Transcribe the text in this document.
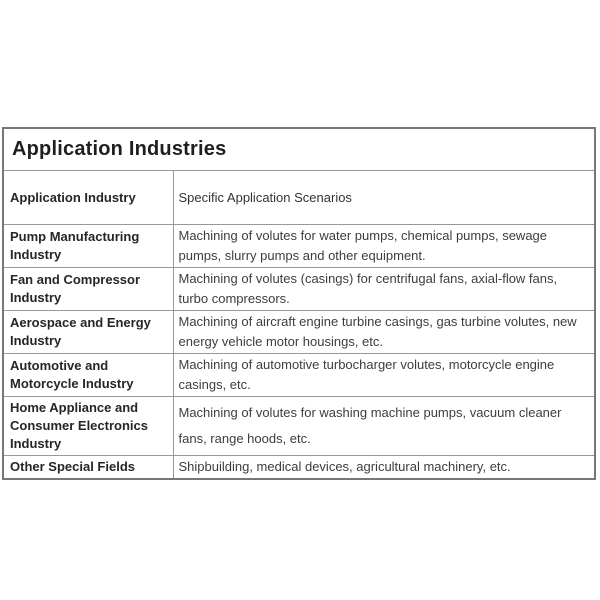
Application Industries	
Application Industry	Specific Application Scenarios
Pump Manufacturing Industry	Machining of volutes for water pumps, chemical pumps, sewage pumps, slurry pumps and other equipment.
Fan and Compressor Industry	Machining of volutes (casings) for centrifugal fans, axial-flow fans, turbo compressors.
Aerospace and Energy Industry	Machining of aircraft engine turbine casings, gas turbine volutes, new energy vehicle motor housings, etc.
Automotive and Motorcycle Industry	Machining of automotive turbocharger volutes, motorcycle engine casings, etc.
Home Appliance and Consumer Electronics Industry	Machining of volutes for washing machine pumps, vacuum cleaner fans, range hoods, etc.
Other Special Fields	Shipbuilding, medical devices, agricultural machinery, etc.
